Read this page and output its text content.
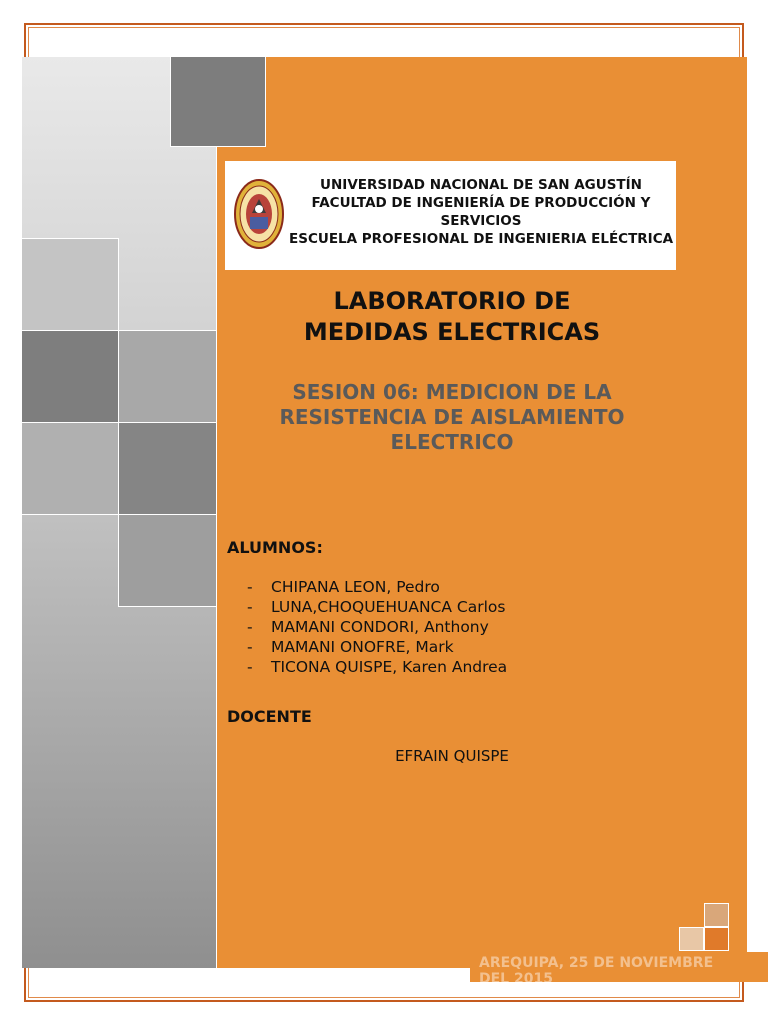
UNIVERSIDAD NACIONAL DE SAN AGUSTÍN
FACULTAD DE INGENIERÍA DE PRODUCCIÓN Y
SERVICIOS
ESCUELA PROFESIONAL DE INGENIERIA ELÉCTRICA
LABORATORIO DE
MEDIDAS ELECTRICAS
SESION 06: MEDICION DE LA
RESISTENCIA DE AISLAMIENTO
ELECTRICO
ALUMNOS:
- CHIPANA LEON, Pedro
- LUNA,CHOQUEHUANCA Carlos
- MAMANI CONDORI, Anthony
- MAMANI ONOFRE, Mark
- TICONA QUISPE, Karen Andrea
DOCENTE
EFRAIN QUISPE
AREQUIPA, 25 DE NOVIEMBRE
DEL 2015
